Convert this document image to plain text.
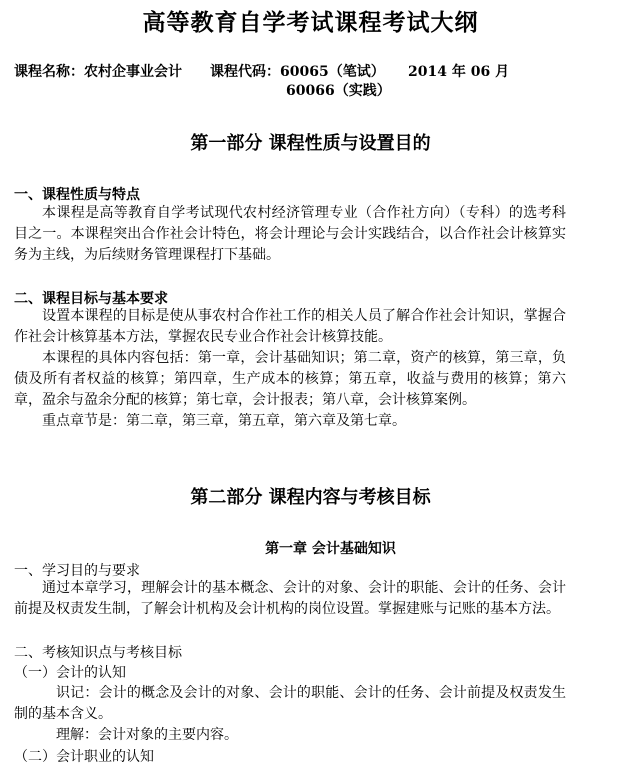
高等教育自学考试课程考试大纲
课程名称：农村企事业会计 课程代码：60065（笔试） 2014 年 06 月
60066（实践）
第一部分 课程性质与设置目的
一、课程性质与特点
本课程是高等教育自学考试现代农村经济管理专业（合作社方向）（专科）的选考科目之一。本课程突出合作社会计特色，将会计理论与会计实践结合，以合作社会计核算实务为主线，为后续财务管理课程打下基础。
二、课程目标与基本要求
设置本课程的目标是使从事农村合作社工作的相关人员了解合作社会计知识，掌握合作社会计核算基本方法，掌握农民专业合作社会计核算技能。
本课程的具体内容包括：第一章，会计基础知识；第二章，资产的核算，第三章，负债及所有者权益的核算；第四章，生产成本的核算；第五章，收益与费用的核算；第六章，盈余与盈余分配的核算；第七章，会计报表；第八章，会计核算案例。
重点章节是：第二章，第三章，第五章，第六章及第七章。
第二部分 课程内容与考核目标
第一章 会计基础知识
一、学习目的与要求
通过本章学习，理解会计的基本概念、会计的对象、会计的职能、会计的任务、会计前提及权责发生制，了解会计机构及会计机构的岗位设置。掌握建账与记账的基本方法。
二、考核知识点与考核目标
（一）会计的认知
识记：会计的概念及会计的对象、会计的职能、会计的任务、会计前提及权责发生制的基本含义。
理解：会计对象的主要内容。
（二）会计职业的认知
